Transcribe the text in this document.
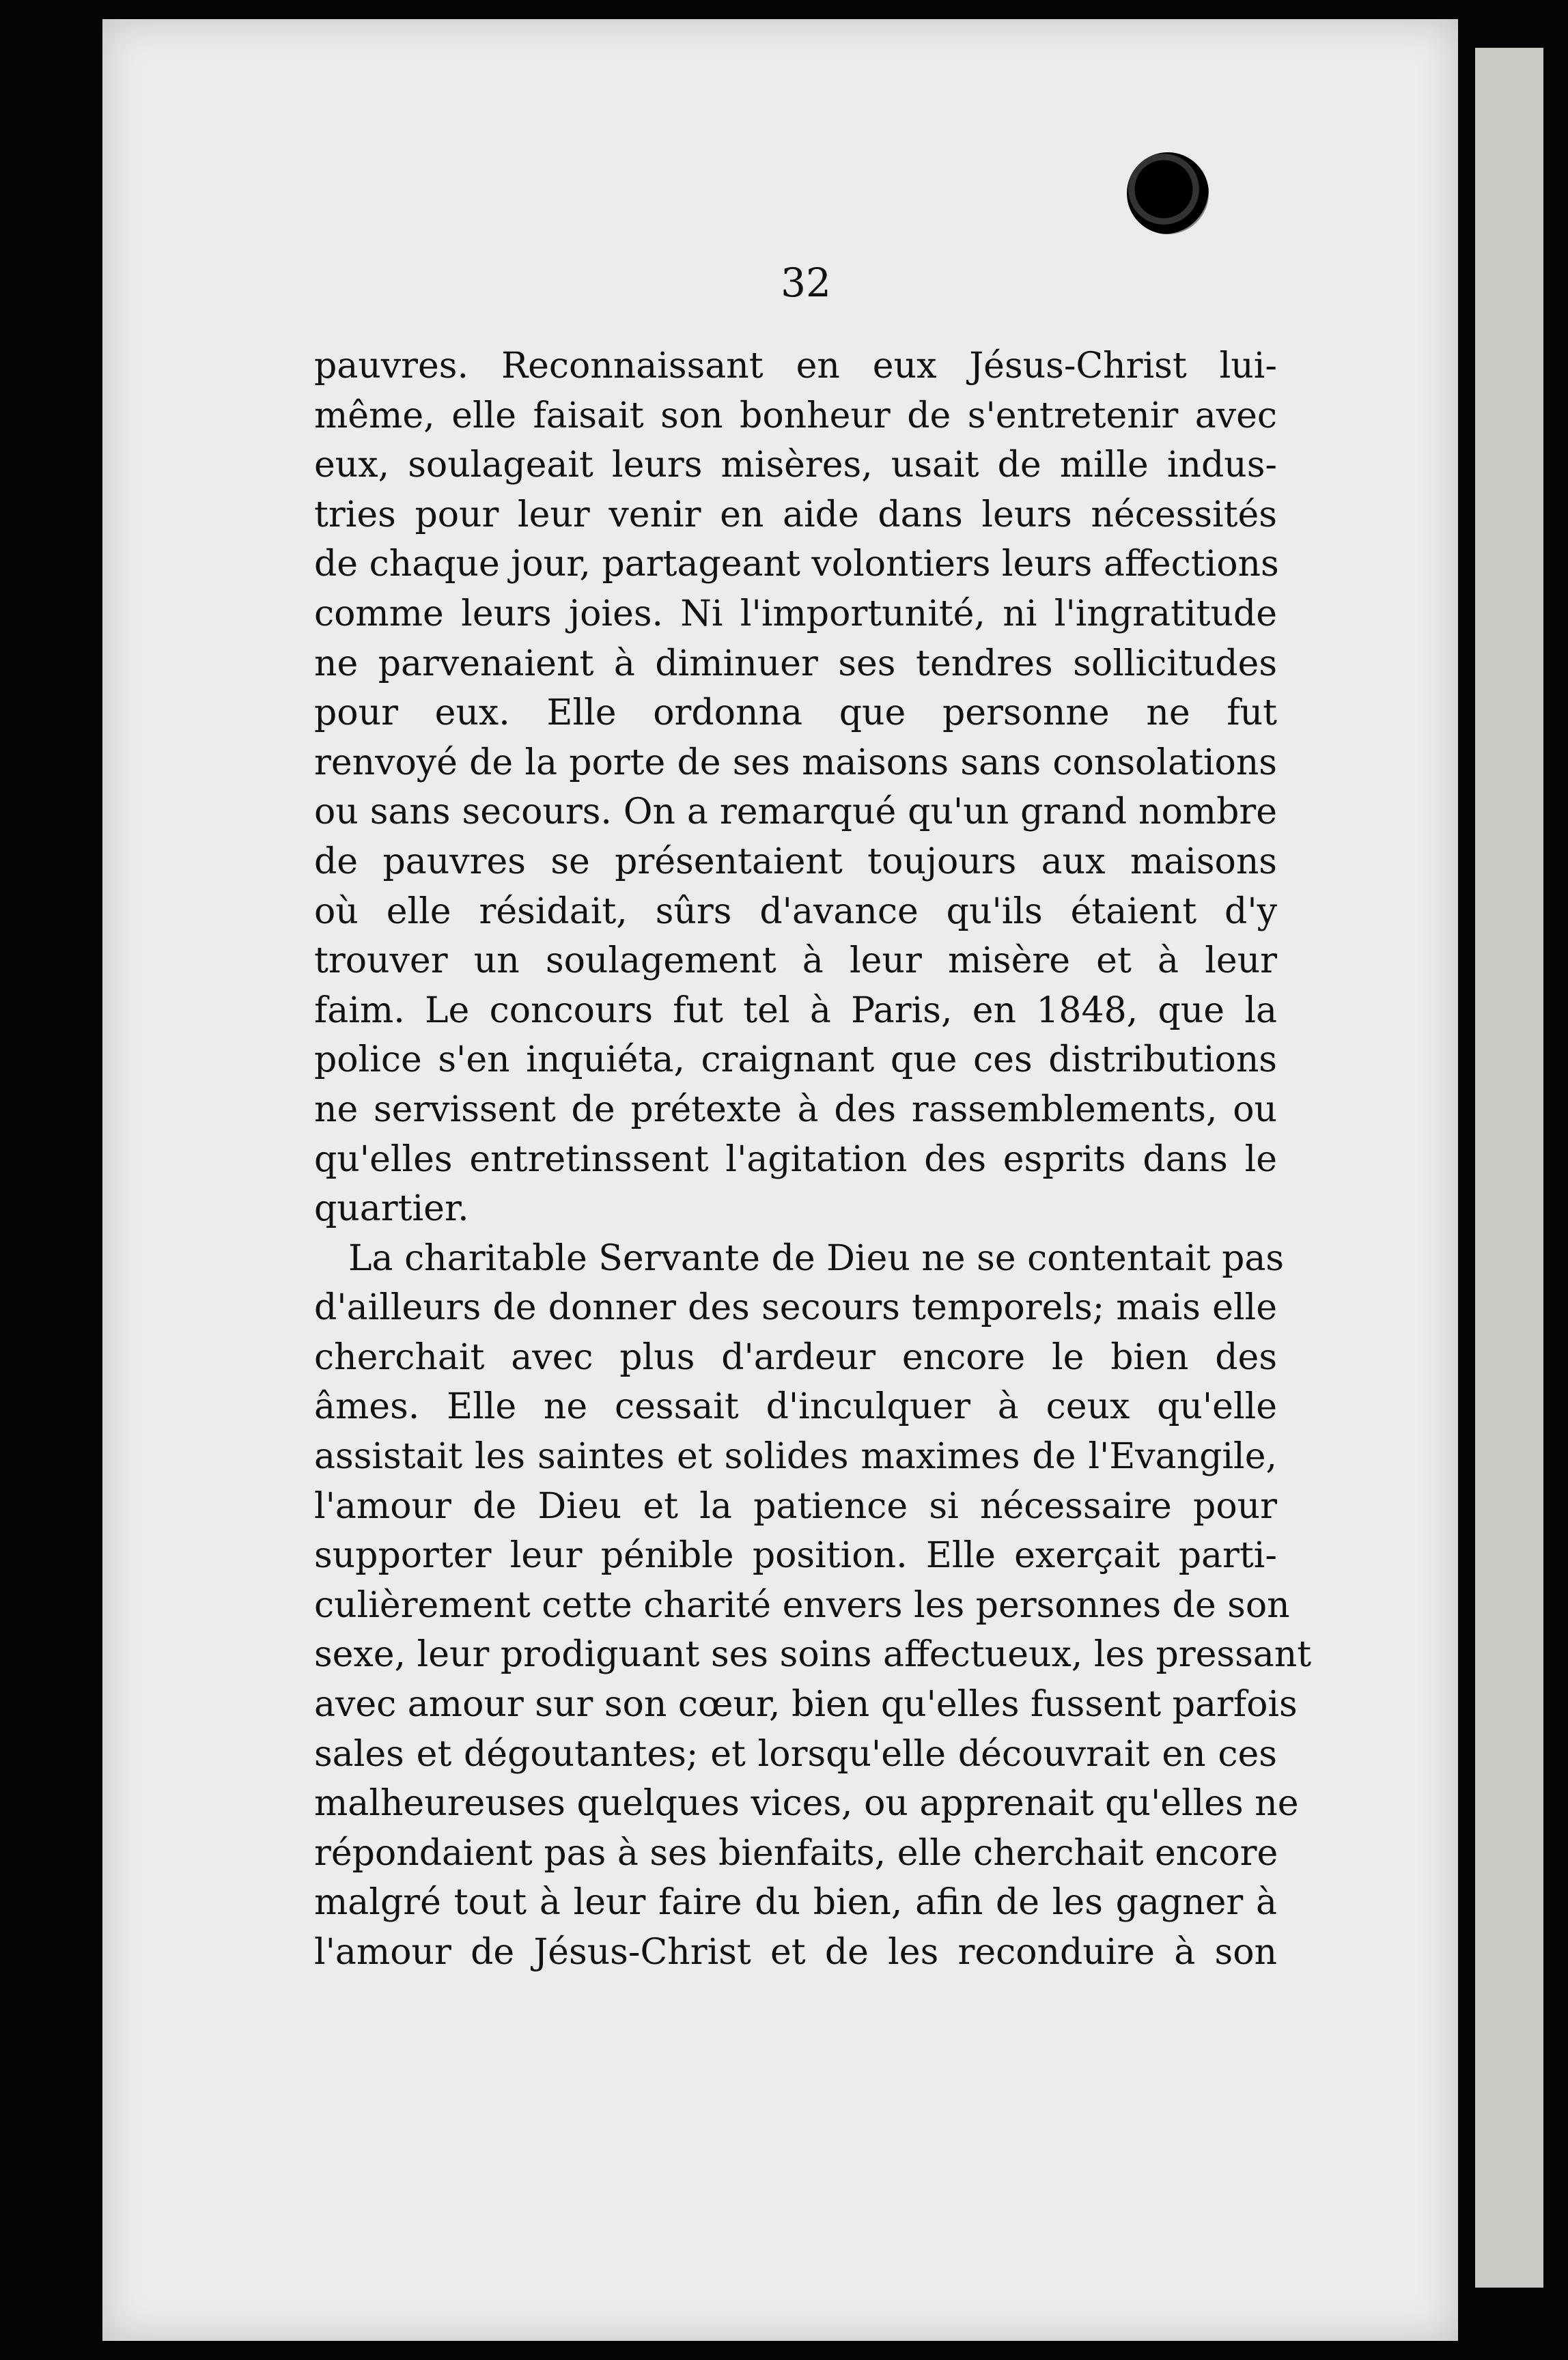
32
pauvres. Reconnaissant en eux Jésus-Christ lui-
même, elle faisait son bonheur de s'entretenir avec
eux, soulageait leurs misères, usait de mille indus-
tries pour leur venir en aide dans leurs nécessités
de chaque jour, partageant volontiers leurs affections
comme leurs joies. Ni l'importunité, ni l'ingratitude
ne parvenaient à diminuer ses tendres sollicitudes
pour eux. Elle ordonna que personne ne fut
renvoyé de la porte de ses maisons sans consolations
ou sans secours. On a remarqué qu'un grand nombre
de pauvres se présentaient toujours aux maisons
où elle résidait, sûrs d'avance qu'ils étaient d'y
trouver un soulagement à leur misère et à leur
faim. Le concours fut tel à Paris, en 1848, que la
police s'en inquiéta, craignant que ces distributions
ne servissent de prétexte à des rassemblements, ou
qu'elles entretinssent l'agitation des esprits dans le
quartier.
La charitable Servante de Dieu ne se contentait pas
d'ailleurs de donner des secours temporels; mais elle
cherchait avec plus d'ardeur encore le bien des
âmes. Elle ne cessait d'inculquer à ceux qu'elle
assistait les saintes et solides maximes de l'Evangile,
l'amour de Dieu et la patience si nécessaire pour
supporter leur pénible position. Elle exerçait parti-
culièrement cette charité envers les personnes de son
sexe, leur prodiguant ses soins affectueux, les pressant
avec amour sur son cœur, bien qu'elles fussent parfois
sales et dégoutantes; et lorsqu'elle découvrait en ces
malheureuses quelques vices, ou apprenait qu'elles ne
répondaient pas à ses bienfaits, elle cherchait encore
malgré tout à leur faire du bien, afin de les gagner à
l'amour de Jésus-Christ et de les reconduire à son
